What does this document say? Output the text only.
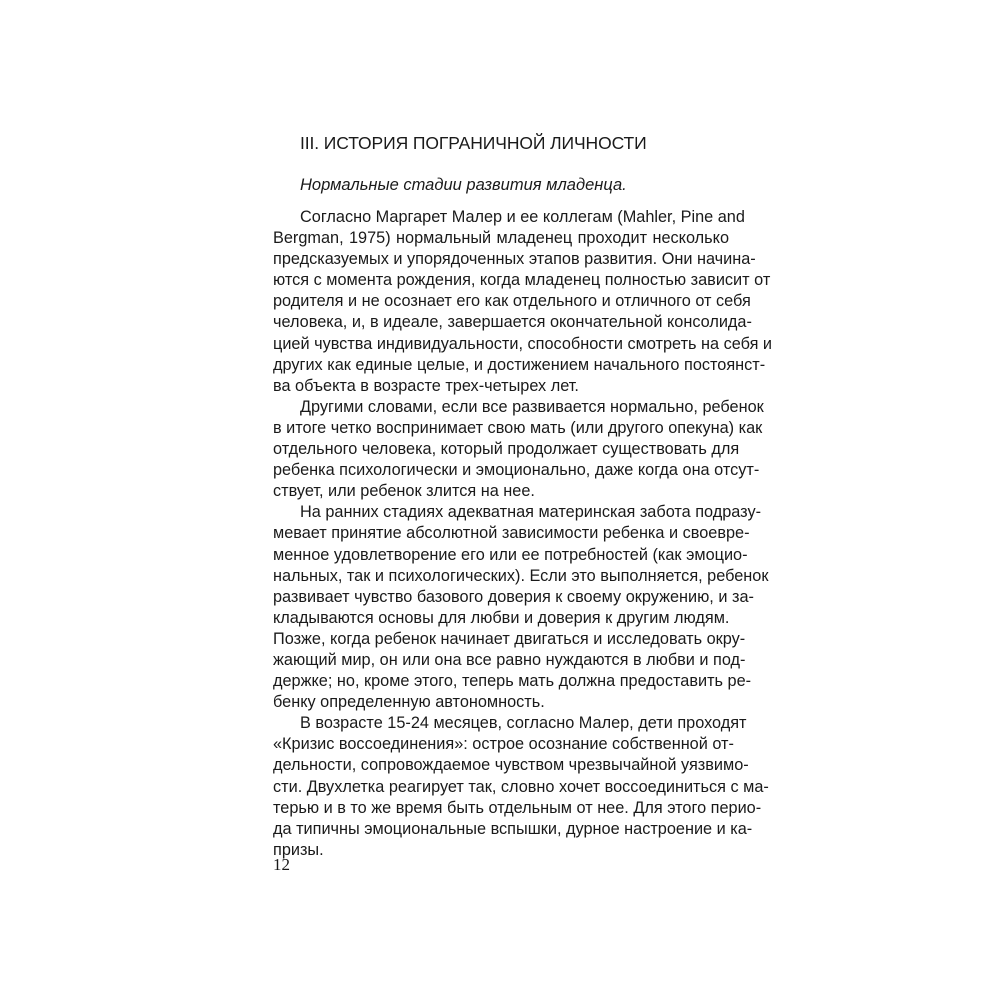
III. ИСТОРИЯ ПОГРАНИЧНОЙ ЛИЧНОСТИ
Нормальные стадии развития младенца.
Согласно Маргарет Малер и ее коллегам (Mahler, Pine and
Bergman, 1975) нормальный младенец проходит несколько
предсказуемых и упорядоченных этапов развития. Они начина-
ются с момента рождения, когда младенец полностью зависит от
родителя и не осознает его как отдельного и отличного от себя
человека, и, в идеале, завершается окончательной консолида-
цией чувства индивидуальности, способности смотреть на себя и
других как единые целые, и достижением начального постоянст-
ва объекта в возрасте трех-четырех лет.
Другими словами, если все развивается нормально, ребенок
в итоге четко воспринимает свою мать (или другого опекуна) как
отдельного человека, который продолжает существовать для
ребенка психологически и эмоционально, даже когда она отсут-
ствует, или ребенок злится на нее.
На ранних стадиях адекватная материнская забота подразу-
мевает принятие абсолютной зависимости ребенка и своевре-
менное удовлетворение его или ее потребностей (как эмоцио-
нальных, так и психологических). Если это выполняется, ребенок
развивает чувство базового доверия к своему окружению, и за-
кладываются основы для любви и доверия к другим людям.
Позже, когда ребенок начинает двигаться и исследовать окру-
жающий мир, он или она все равно нуждаются в любви и под-
держке; но, кроме этого, теперь мать должна предоставить ре-
бенку определенную автономность.
В возрасте 15-24 месяцев, согласно Малер, дети проходят
«Кризис воссоединения»: острое осознание собственной от-
дельности, сопровождаемое чувством чрезвычайной уязвимо-
сти. Двухлетка реагирует так, словно хочет воссоединиться с ма-
терью и в то же время быть отдельным от нее. Для этого перио-
да типичны эмоциональные вспышки, дурное настроение и ка-
призы.

12
